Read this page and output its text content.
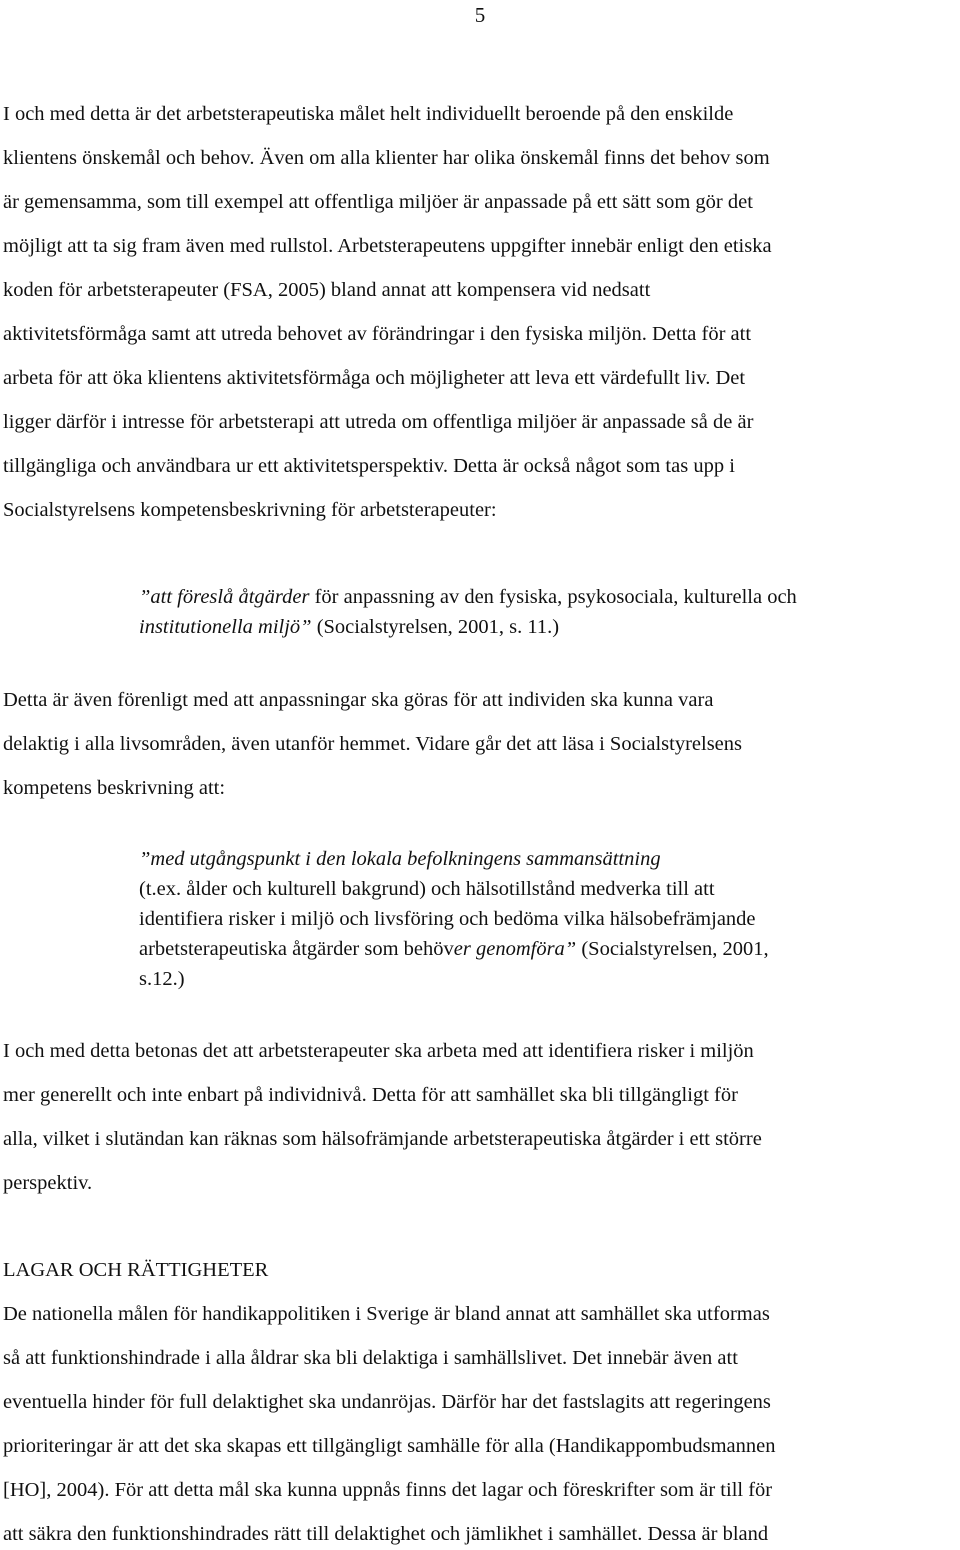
5
I och med detta är det arbetsterapeutiska målet helt individuellt beroende på den enskilde
klientens önskemål och behov. Även om alla klienter har olika önskemål finns det behov som
är gemensamma, som till exempel att offentliga miljöer är anpassade på ett sätt som gör det
möjligt att ta sig fram även med rullstol. Arbetsterapeutens uppgifter innebär enligt den etiska
koden för arbetsterapeuter (FSA, 2005) bland annat att kompensera vid nedsatt
aktivitetsförmåga samt att utreda behovet av förändringar i den fysiska miljön. Detta för att
arbeta för att öka klientens aktivitetsförmåga och möjligheter att leva ett värdefullt liv. Det
ligger därför i intresse för arbetsterapi att utreda om offentliga miljöer är anpassade så de är
tillgängliga och användbara ur ett aktivitetsperspektiv. Detta är också något som tas upp i
Socialstyrelsens kompetensbeskrivning för arbetsterapeuter:
”att föreslå åtgärder för anpassning av den fysiska, psykosociala, kulturella och
institutionella miljö” (Socialstyrelsen, 2001, s. 11.)
Detta är även förenligt med att anpassningar ska göras för att individen ska kunna vara
delaktig i alla livsområden, även utanför hemmet. Vidare går det att läsa i Socialstyrelsens
kompetens beskrivning att:
”med utgångspunkt i den lokala befolkningens sammansättning
(t.ex. ålder och kulturell bakgrund) och hälsotillstånd medverka till att
identifiera risker i miljö och livsföring och bedöma vilka hälsobefrämjande
arbetsterapeutiska åtgärder som behöver genomföra” (Socialstyrelsen, 2001,
s.12.)
I och med detta betonas det att arbetsterapeuter ska arbeta med att identifiera risker i miljön
mer generellt och inte enbart på individnivå. Detta för att samhället ska bli tillgängligt för
alla, vilket i slutändan kan räknas som hälsofrämjande arbetsterapeutiska åtgärder i ett större
perspektiv.
LAGAR OCH RÄTTIGHETER
De nationella målen för handikappolitiken i Sverige är bland annat att samhället ska utformas
så att funktionshindrade i alla åldrar ska bli delaktiga i samhällslivet. Det innebär även att
eventuella hinder för full delaktighet ska undanröjas. Därför har det fastslagits att regeringens
prioriteringar är att det ska skapas ett tillgängligt samhälle för alla (Handikappombudsmannen
[HO], 2004). För att detta mål ska kunna uppnås finns det lagar och föreskrifter som är till för
att säkra den funktionshindrades rätt till delaktighet och jämlikhet i samhället. Dessa är bland
